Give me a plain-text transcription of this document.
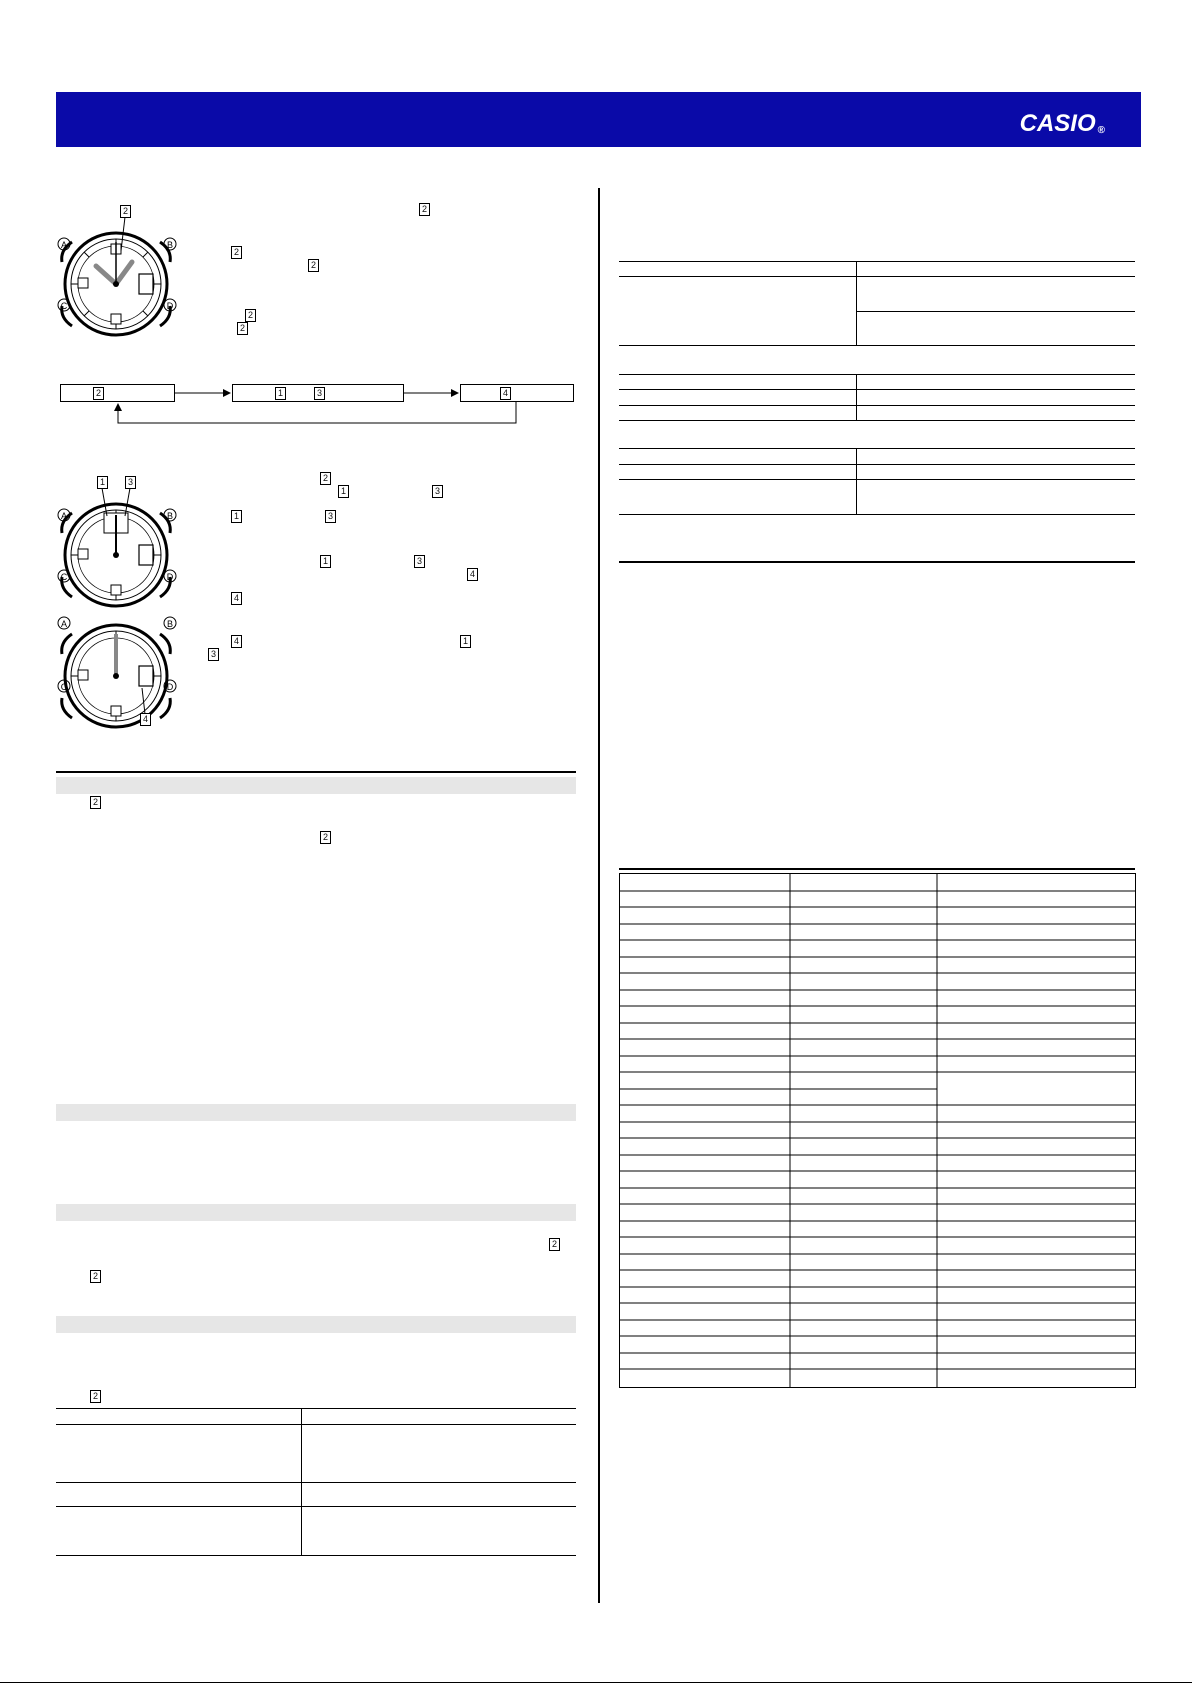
CASIO ®
2
A	B
C	D
2
2
2
2
2
2	1	3	4
1	3
A	B
C	D
4
A	B
C	D
2
1	3
1	3
1	3
4
4
4	1
3
2
2
2
2
2
